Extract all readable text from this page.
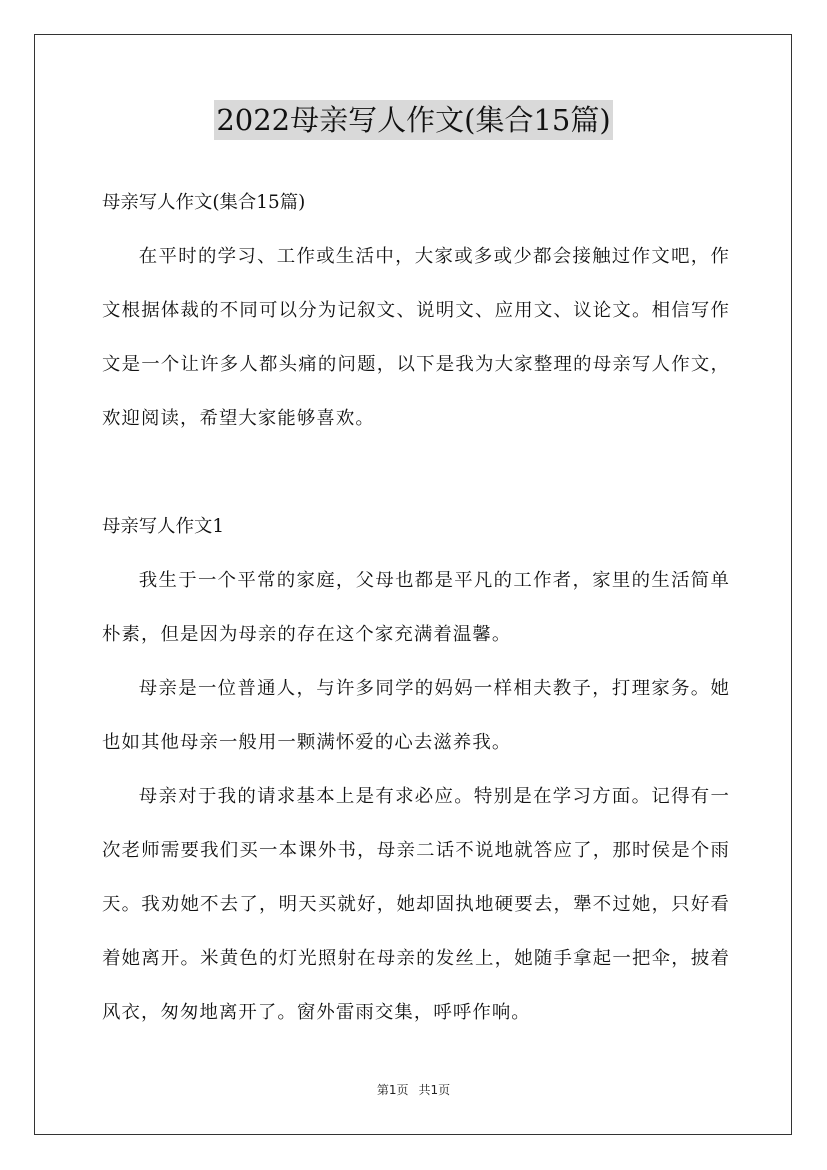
2022母亲写人作文(集合15篇)

母亲写人作文(集合15篇)

在平时的学习、工作或生活中，大家或多或少都会接触过作文吧，作文根据体裁的不同可以分为记叙文、说明文、应用文、议论文。相信写作文是一个让许多人都头痛的问题，以下是我为大家整理的母亲写人作文，欢迎阅读，希望大家能够喜欢。

母亲写人作文1

我生于一个平常的家庭，父母也都是平凡的工作者，家里的生活简单朴素，但是因为母亲的存在这个家充满着温馨。

母亲是一位普通人，与许多同学的妈妈一样相夫教子，打理家务。她也如其他母亲一般用一颗满怀爱的心去滋养我。

母亲对于我的请求基本上是有求必应。特别是在学习方面。记得有一次老师需要我们买一本课外书，母亲二话不说地就答应了，那时侯是个雨天。我劝她不去了，明天买就好，她却固执地硬要去，犟不过她，只好看着她离开。米黄色的灯光照射在母亲的发丝上，她随手拿起一把伞，披着风衣，匆匆地离开了。窗外雷雨交集，呼呼作响。

第1页 共1页
